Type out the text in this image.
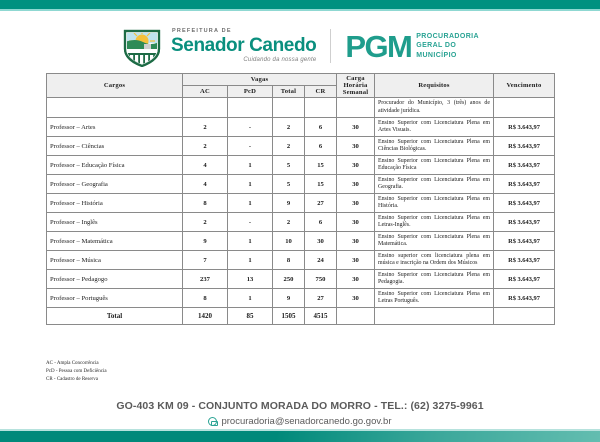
PREFEITURA DE
Senador Canedo
Cuidando da nossa gente PGM PROCURADORIA
GERAL DO
MUNICÍPIO
Cargos	Vagas				Carga Horária Semanal	Requisitos	Vencimento
	AC	PcD	Total	CR			
						Procurador do Município, 3 (três) anos de atividade jurídica.	
Professor – Artes	2	-	2	6	30	Ensino Superior com Licenciatura Plena em Artes Visuais.	R$ 3.643,97
Professor – Ciências	2	-	2	6	30	Ensino Superior com Licenciatura Plena em Ciências Biológicas.	R$ 3.643,97
Professor – Educação Física	4	1	5	15	30	Ensino Superior com Licenciatura Plena em Educação Física	R$ 3.643,97
Professor – Geografia	4	1	5	15	30	Ensino Superior com Licenciatura Plena em Geografia.	R$ 3.643,97
Professor – História	8	1	9	27	30	Ensino Superior com Licenciatura Plena em História.	R$ 3.643,97
Professor – Inglês	2	-	2	6	30	Ensino Superior com Licenciatura Plena em Letras-Inglês.	R$ 3.643,97
Professor – Matemática	9	1	10	30	30	Ensino Superior com Licenciatura Plena em Matemática.	R$ 3.643,97
Professor – Música	7	1	8	24	30	Ensino superior com licenciatura plena em música e inscrição na Ordem dos Músicos	R$ 3.643,97
Professor – Pedagogo	237	13	250	750	30	Ensino Superior com Licenciatura Plena em Pedagogia.	R$ 3.643,97
Professor – Português	8	1	9	27	30	Ensino Superior com Licenciatura Plena em Letras Português.	R$ 3.643,97
Total	1420	85	1505	4515			
AC - Ampla Concorrência
PcD - Pessoa com Deficiência
CR - Cadastro de Reserva
GO-403 KM 09 - CONJUNTO MORADA DO MORRO - TEL.: (62) 3275-9961
procuradoria@senadorcanedo.go.gov.br
